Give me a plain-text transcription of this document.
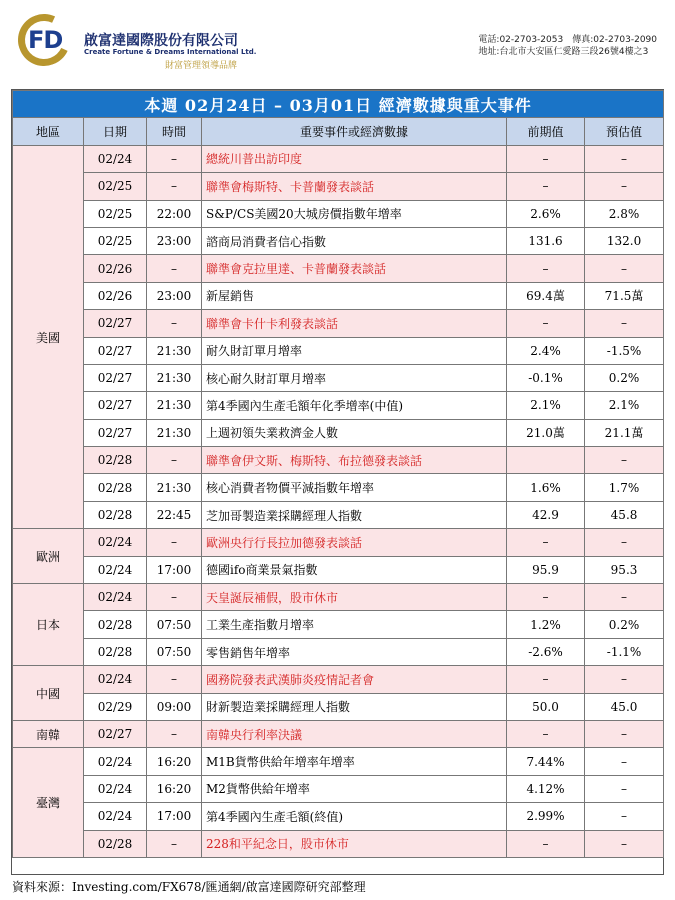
FD 啟富達國際股份有限公司
Create Fortune & Dreams International Ltd.
財富管理領導品牌
電話:02-2703-2053　傳真:02-2703-2090
地址:台北市大安區仁愛路三段26號4樓之3
本週 02月24日 – 03月01日 經濟數據與重大事件					
地區	日期	時間	重要事件或經濟數據	前期值	預估值
美國	02/24	–	總統川普出訪印度	–	–
	02/25	–	聯準會梅斯特、卡普蘭發表談話	–	–
	02/25	22:00	S&P/CS美國20大城房價指數年增率	2.6%	2.8%
	02/25	23:00	諮商局消費者信心指數	131.6	132.0
	02/26	–	聯準會克拉里達、卡普蘭發表談話	–	–
	02/26	23:00	新屋銷售	69.4萬	71.5萬
	02/27	–	聯準會卡什卡利發表談話	–	–
	02/27	21:30	耐久財訂單月增率	2.4%	-1.5%
	02/27	21:30	核心耐久財訂單月增率	-0.1%	0.2%
	02/27	21:30	第4季國內生產毛額年化季增率(中值)	2.1%	2.1%
	02/27	21:30	上週初領失業救濟金人數	21.0萬	21.1萬
	02/28	–	聯準會伊文斯、梅斯特、布拉德發表談話		–
	02/28	21:30	核心消費者物價平減指數年增率	1.6%	1.7%
	02/28	22:45	芝加哥製造業採購經理人指數	42.9	45.8
歐洲	02/24	–	歐洲央行行長拉加德發表談話	–	–
	02/24	17:00	德國ifo商業景氣指數	95.9	95.3
日本	02/24	–	天皇誕辰補假，股市休市	–	–
	02/28	07:50	工業生產指數月增率	1.2%	0.2%
	02/28	07:50	零售銷售年增率	-2.6%	-1.1%
中國	02/24	–	國務院發表武漢肺炎疫情記者會	–	–
	02/29	09:00	財新製造業採購經理人指數	50.0	45.0
南韓	02/27	–	南韓央行利率決議	–	–
臺灣	02/24	16:20	M1B貨幣供給年增率年增率	7.44%	–
	02/24	16:20	M2貨幣供給年增率	4.12%	–
	02/24	17:00	第4季國內生產毛額(終值)	2.99%	–
	02/28	–	228和平紀念日，股市休市	–	–
資料來源：Investing.com/FX678/匯通網/啟富達國際研究部整理
